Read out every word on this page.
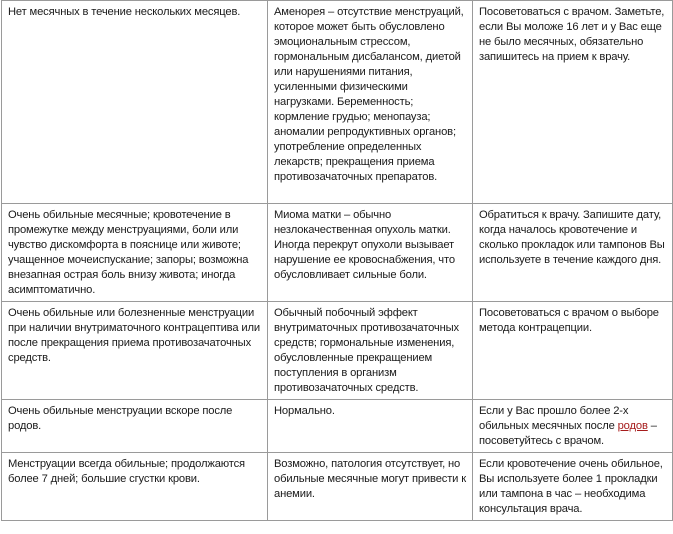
Нет месячных в течение нескольких месяцев.	Аменорея – отсутствие менструаций, которое может быть обусловлено эмоциональным стрессом, гормональным дисбалансом, диетой или нарушениями питания, усиленными физическими нагрузками. Беременность; кормление грудью; менопауза; аномалии репродуктивных органов; употребление определенных лекарств; прекращения приема противозачаточных препаратов.	Посоветоваться с врачом. Заметьте, если Вы моложе 16 лет и у Вас еще не было месячных, обязательно запишитесь на прием к врачу.
Очень обильные месячные; кровотечение в промежутке между менструациями, боли или чувство дискомфорта в пояснице или животе; учащенное мочеиспускание; запоры; возможна внезапная острая боль внизу живота; иногда асимптоматично.	Миома матки – обычно незлокачественная опухоль матки. Иногда перекрут опухоли вызывает нарушение ее кровоснабжения, что обусловливает сильные боли.	Обратиться к врачу. Запишите дату, когда началось кровотечение и сколько прокладок или тампонов Вы используете в течение каждого дня.
Очень обильные или болезненные менструации при наличии внутриматочного контрацептива или после прекращения приема противозачаточных средств.	Обычный побочный эффект внутриматочных противозачаточных средств; гормональные изменения, обусловленные прекращением поступления в организм противозачаточных средств.	Посоветоваться с врачом о выборе метода контрацепции.
Очень обильные менструации вскоре после родов.	Нормально.	Если у Вас прошло более 2-х обильных месячных после родов – посоветуйтесь с врачом.
Менструации всегда обильные; продолжаются более 7 дней; большие сгустки крови.	Возможно, патология отсутствует, но обильные месячные могут привести к анемии.	Если кровотечение очень обильное, Вы используете более 1 прокладки или тампона в час – необходима консультация врача.
